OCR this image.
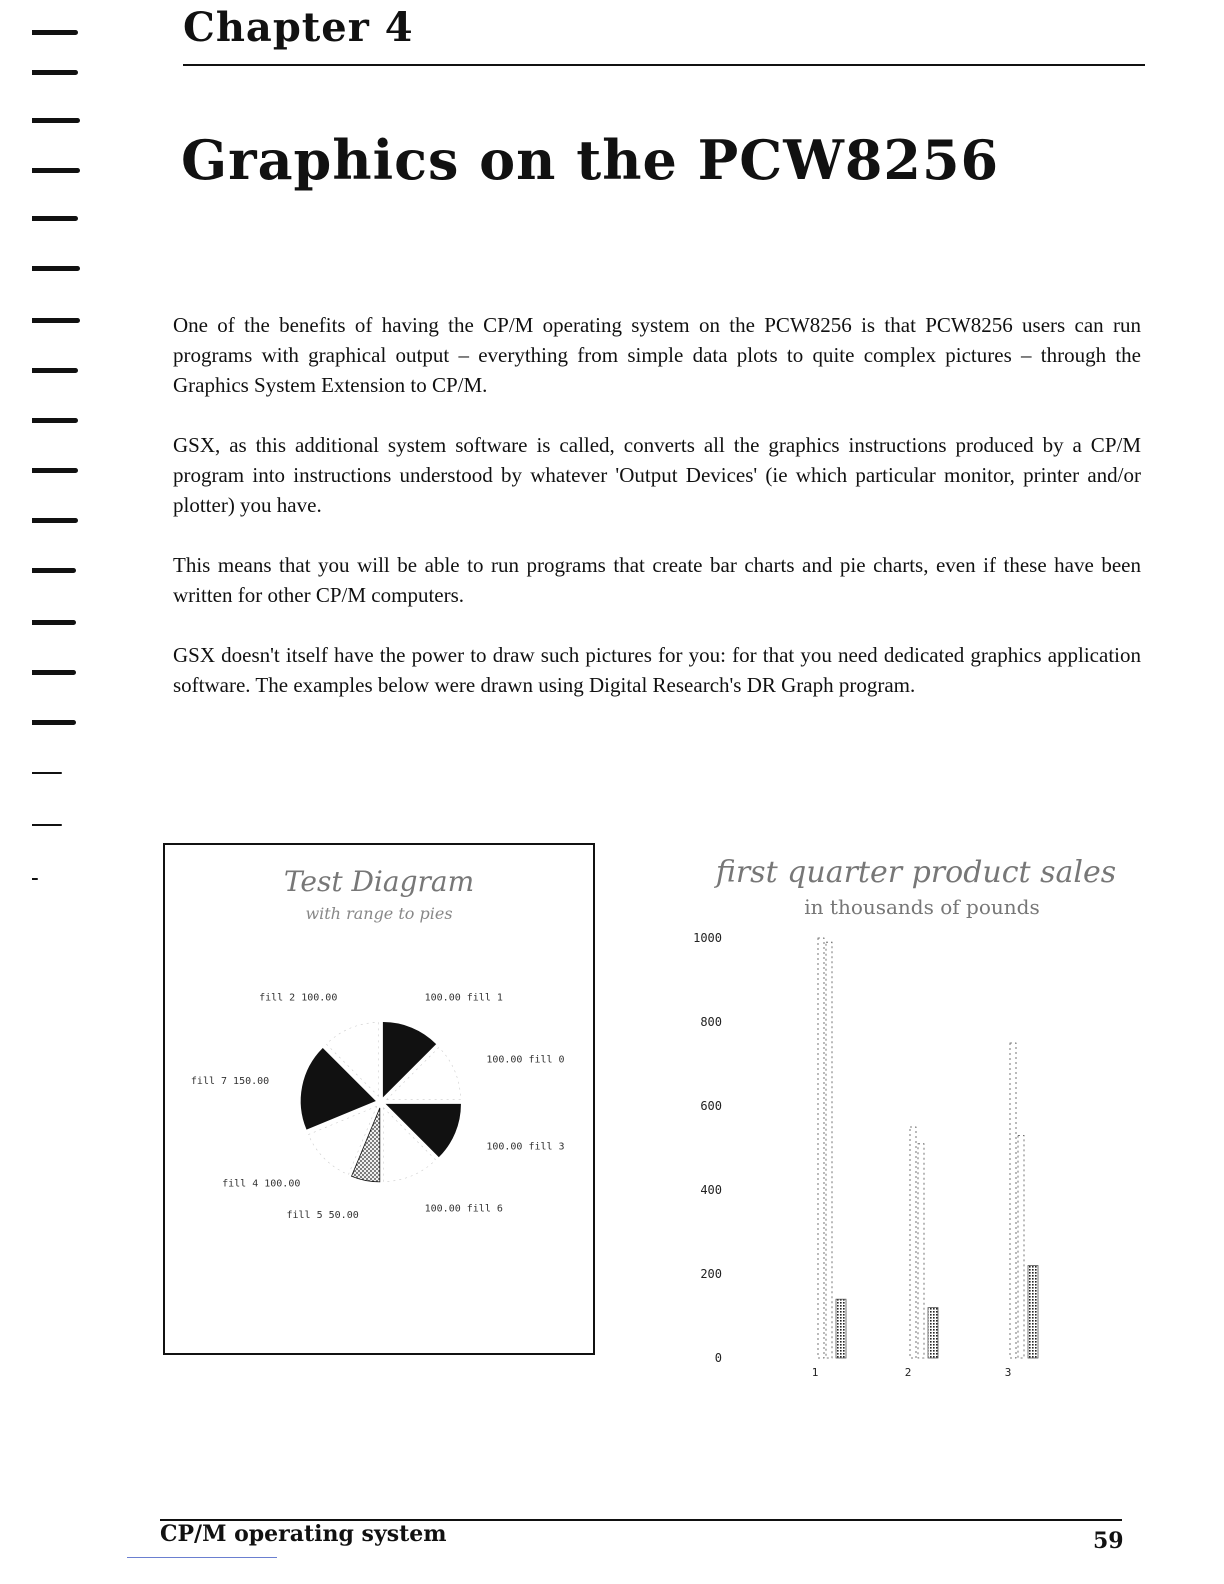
Chapter 4
Graphics on the PCW8256

One of the benefits of having the CP/M operating system on the PCW8256 is that PCW8256 users can run programs with graphical output – everything from simple data plots to quite complex pictures – through the Graphics System Extension to CP/M.

GSX, as this additional system software is called, converts all the graphics instructions produced by a CP/M program into instructions understood by whatever 'Output Devices' (ie which particular monitor, printer and/or plotter) you have.

This means that you will be able to run programs that create bar charts and pie charts, even if these have been written for other CP/M computers.

GSX doesn't itself have the power to draw such pictures for you: for that you need dedicated graphics application software. The examples below were drawn using Digital Research's DR Graph program.

Test Diagram
with range to pies
100.00 fill 1
100.00 fill 0
100.00 fill 3
100.00 fill 6
fill 5 50.00
fill 4 100.00
fill 7 150.00
fill 2 100.00
first quarter product sales
in thousands of pounds
1000
800
600
400
200
0
1	2	3
CP/M operating system	59
